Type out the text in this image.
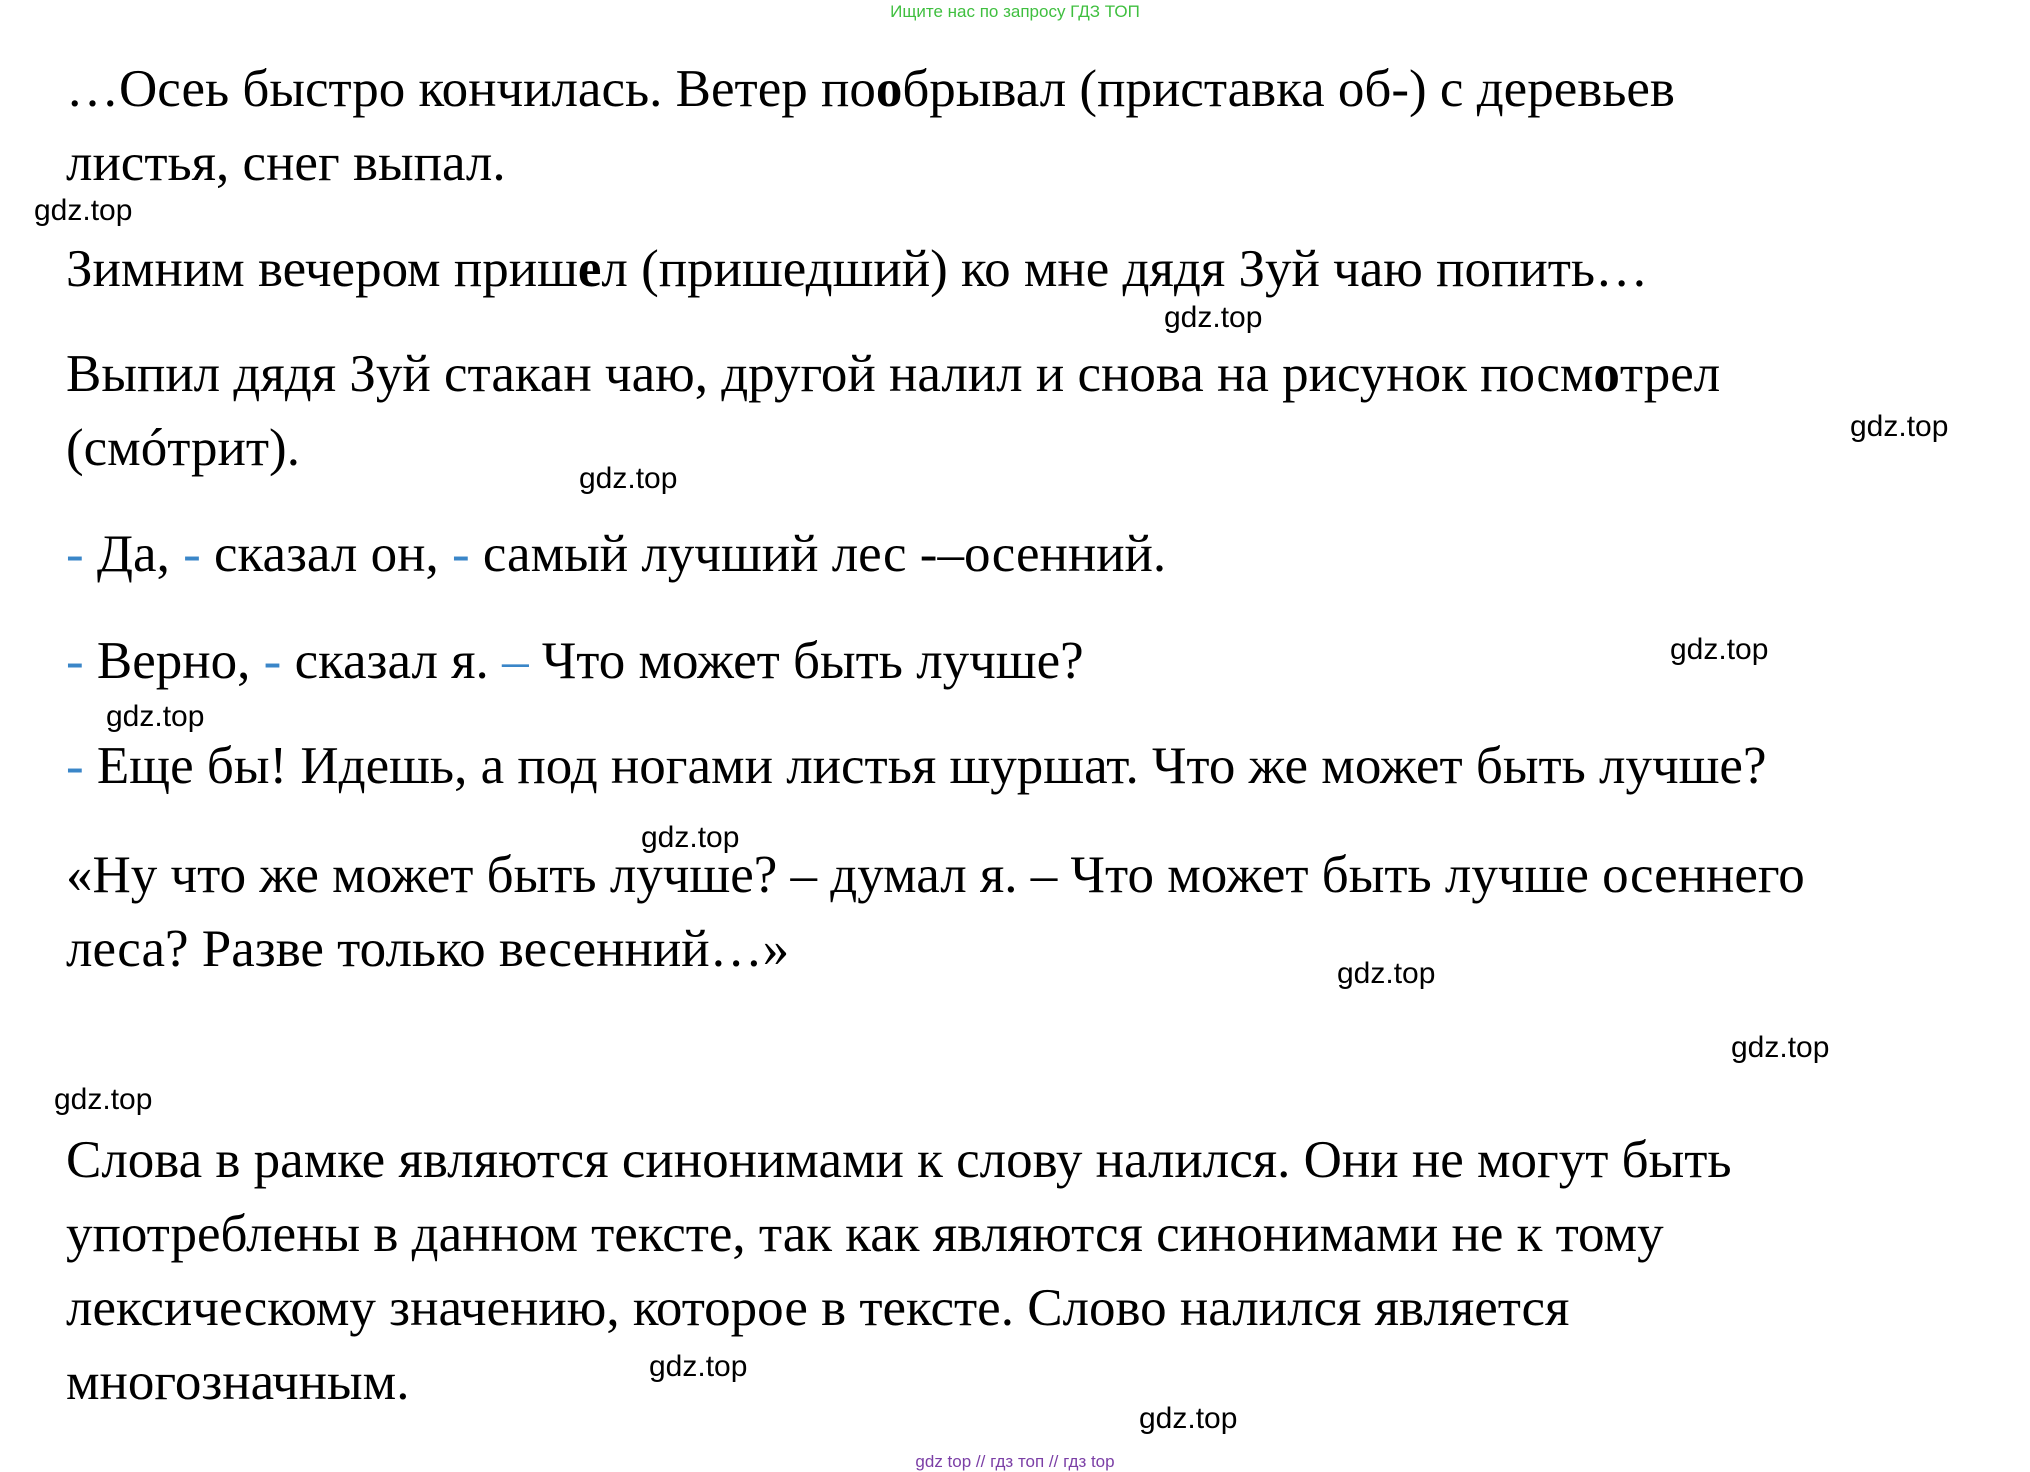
Ищите нас по запросу ГДЗ ТОП
…Осеь быстро кончилась. Ветер пообрывал (приставка об-) с деревьев
листья, снег выпал.
Зимним вечером пришел (пришедший) ко мне дядя Зуй чаю попить…
Выпил дядя Зуй стакан чаю, другой налил и снова на рисунок посмотрел
(смóтрит).
- Да, - сказал он, - самый лучший лес -–осенний.
- Верно, - сказал я. – Что может быть лучше?
- Еще бы! Идешь, а под ногами листья шуршат. Что же может быть лучше?
«Ну что же может быть лучше? – думал я. – Что может быть лучше осеннего
леса? Разве только весенний…»
Слова в рамке являются синонимами к слову налился. Они не могут быть
употреблены в данном тексте, так как являются синонимами не к тому
лексическому значению, которое в тексте. Слово налился является
многозначным.
gdz.top
gdz.top
gdz.top
gdz.top
gdz.top
gdz.top
gdz.top
gdz.top
gdz.top
gdz.top
gdz.top
gdz.top
gdz top // гдз топ // гдз top
